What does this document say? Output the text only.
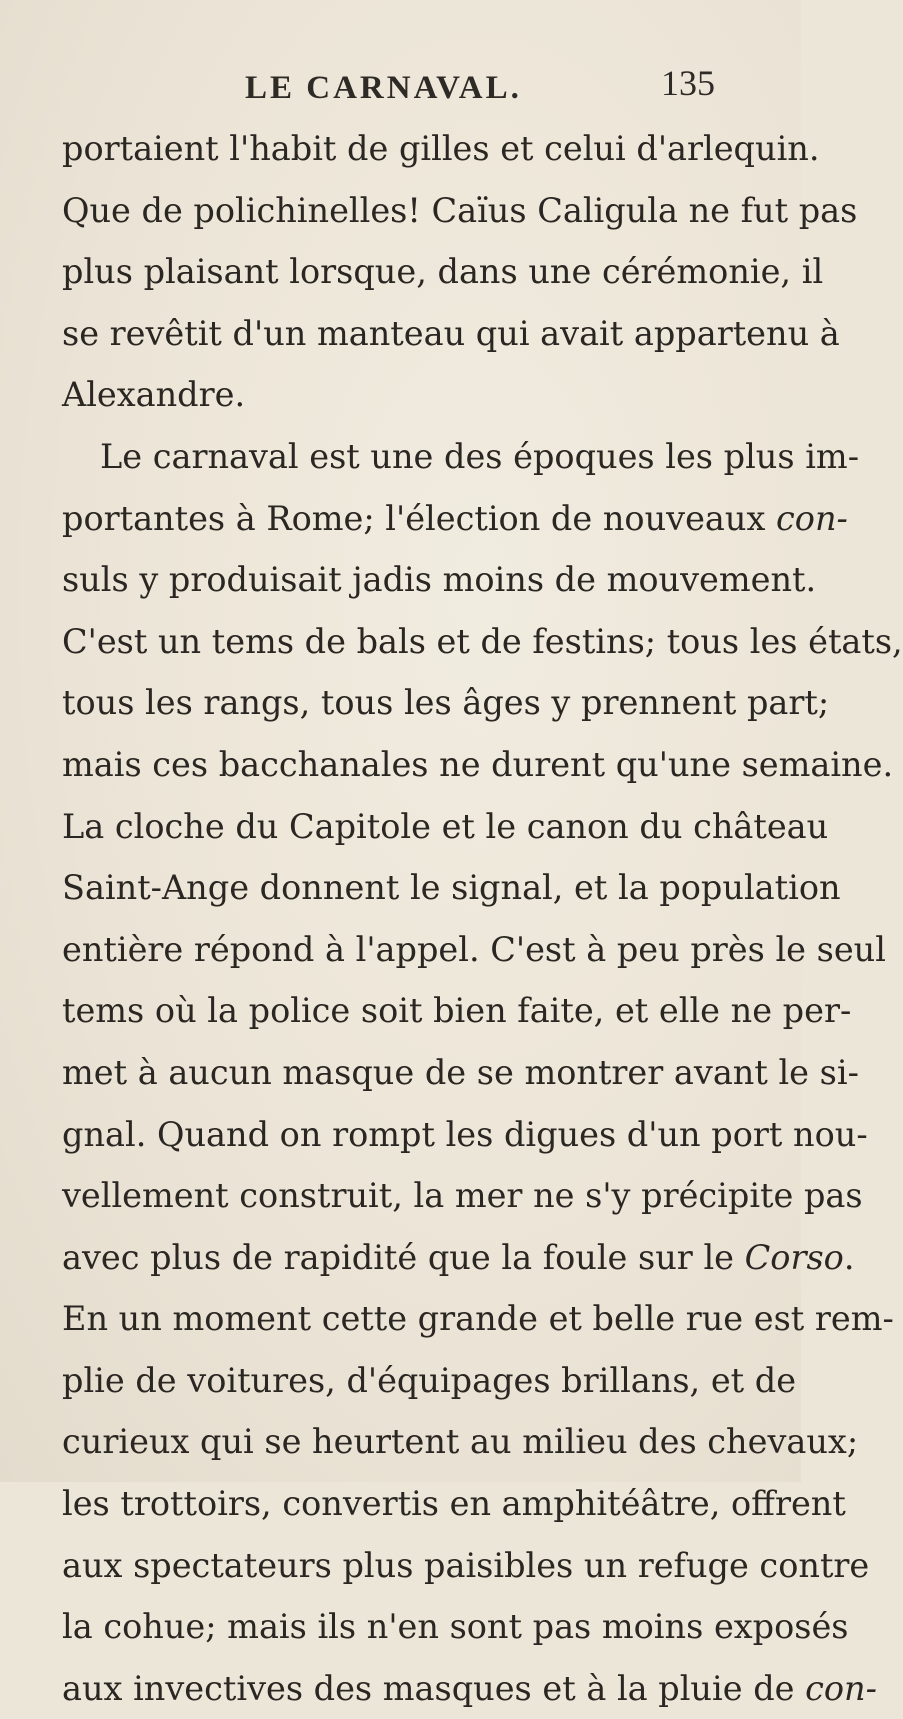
LE CARNAVAL.	135
portaient l'habit de gilles et celui d'arlequin.
Que de polichinelles! Caïus Caligula ne fut pas
plus plaisant lorsque, dans une cérémonie, il
se revêtit d'un manteau qui avait appartenu à
Alexandre.
Le carnaval est une des époques les plus im-
portantes à Rome; l'élection de nouveaux con-
suls y produisait jadis moins de mouvement.
C'est un tems de bals et de festins; tous les états,
tous les rangs, tous les âges y prennent part;
mais ces bacchanales ne durent qu'une semaine.
La cloche du Capitole et le canon du château
Saint-Ange donnent le signal, et la population
entière répond à l'appel. C'est à peu près le seul
tems où la police soit bien faite, et elle ne per-
met à aucun masque de se montrer avant le si-
gnal. Quand on rompt les digues d'un port nou-
vellement construit, la mer ne s'y précipite pas
avec plus de rapidité que la foule sur le Corso.
En un moment cette grande et belle rue est rem-
plie de voitures, d'équipages brillans, et de
curieux qui se heurtent au milieu des chevaux;
les trottoirs, convertis en amphitéâtre, offrent
aux spectateurs plus paisibles un refuge contre
la cohue; mais ils n'en sont pas moins exposés
aux invectives des masques et à la pluie de con-
